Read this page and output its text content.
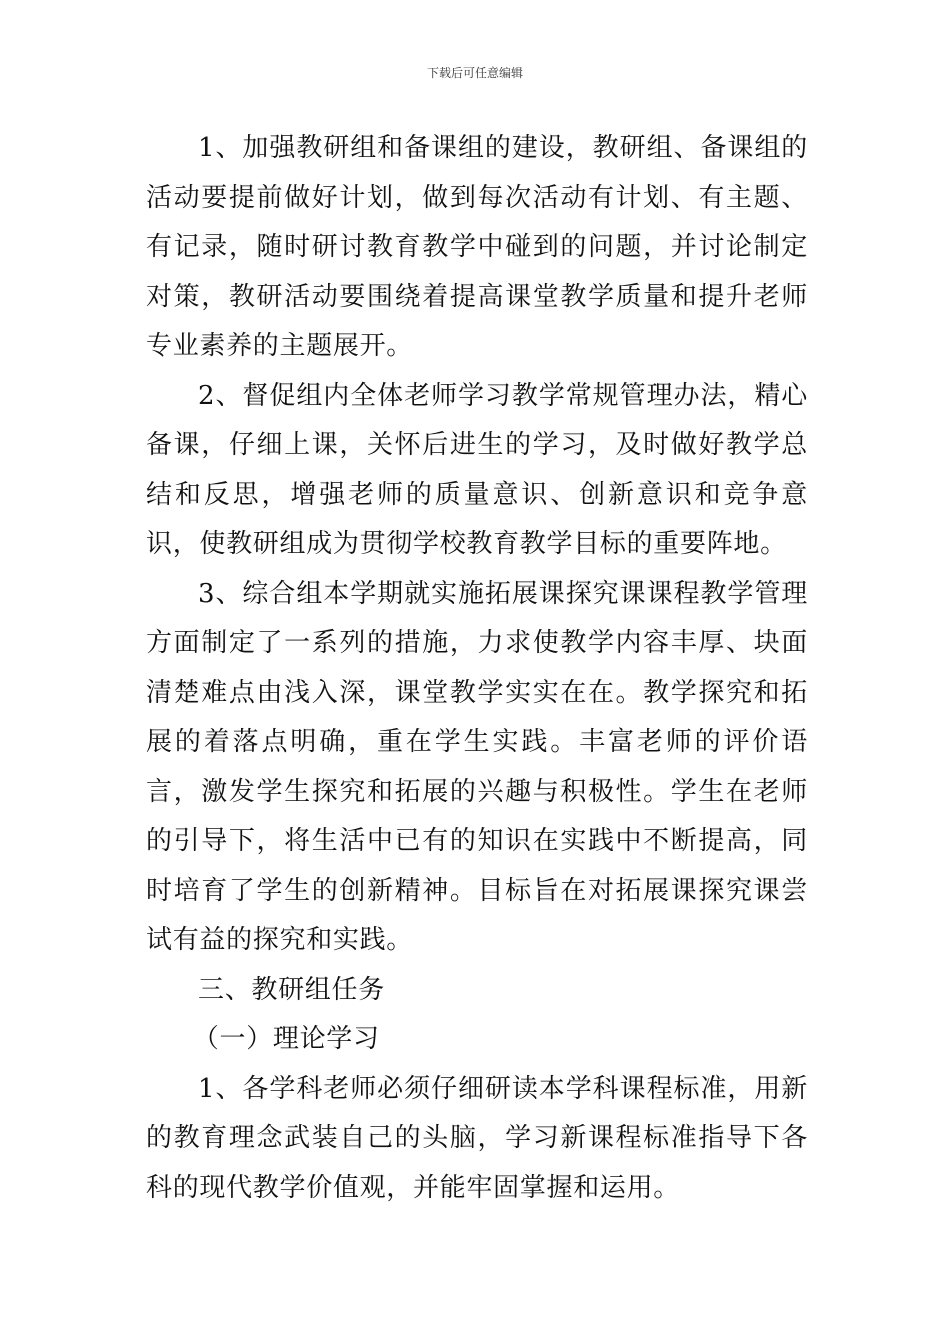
下载后可任意编辑

1、加强教研组和备课组的建设，教研组、备课组的活动要提前做好计划，做到每次活动有计划、有主题、有记录，随时研讨教育教学中碰到的问题，并讨论制定对策，教研活动要围绕着提高课堂教学质量和提升老师专业素养的主题展开。

2、督促组内全体老师学习教学常规管理办法，精心备课，仔细上课，关怀后进生的学习，及时做好教学总结和反思，增强老师的质量意识、创新意识和竞争意识，使教研组成为贯彻学校教育教学目标的重要阵地。

3、综合组本学期就实施拓展课探究课课程教学管理方面制定了一系列的措施，力求使教学内容丰厚、块面清楚难点由浅入深，课堂教学实实在在。教学探究和拓展的着落点明确，重在学生实践。丰富老师的评价语言，激发学生探究和拓展的兴趣与积极性。学生在老师的引导下，将生活中已有的知识在实践中不断提高，同时培育了学生的创新精神。目标旨在对拓展课探究课尝试有益的探究和实践。

三、教研组任务

（一）理论学习

1、各学科老师必须仔细研读本学科课程标准，用新的教育理念武装自己的头脑，学习新课程标准指导下各科的现代教学价值观，并能牢固掌握和运用。
